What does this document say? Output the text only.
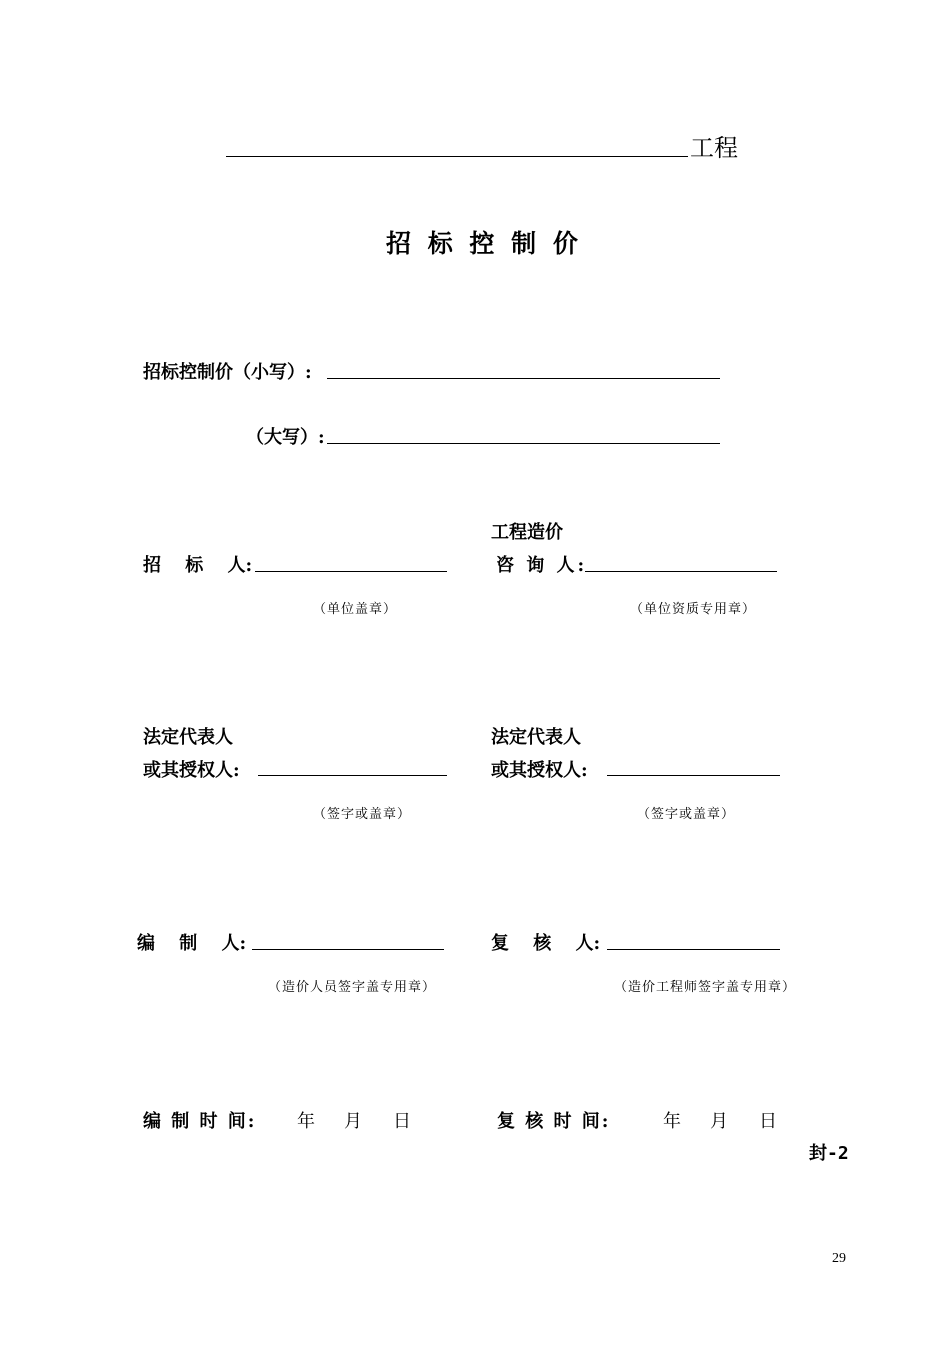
工程
招 标 控 制 价
招标控制价（小写）:
（大写）:
招　 标　 人:
（单位盖章）
工程造价
咨 询 人:
（单位资质专用章）
法定代表人
或其授权人:
（签字或盖章）
法定代表人
或其授权人:
（签字或盖章）
编　 制　 人:
（造价人员签字盖专用章）
复　 核　 人:
（造价工程师签字盖专用章）
编 制 时 间: 年 月 日	复 核 时 间:	年 月 日
封-2
29
